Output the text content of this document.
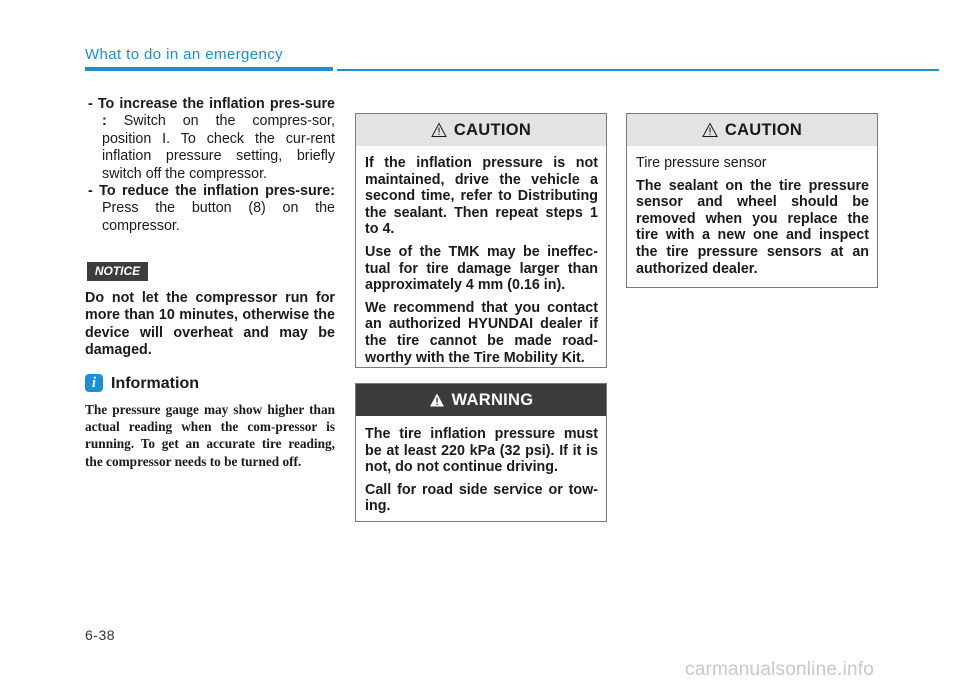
What to do in an emergency

- To increase the inflation pres-sure : Switch on the compres-sor, position I. To check the cur-rent inflation pressure setting, briefly switch off the compressor.

- To reduce the inflation pres-sure: Press the button (8) on the compressor.

NOTICE

Do not let the compressor run for more than 10 minutes, otherwise the device will overheat and may be damaged.

i Information

The pressure gauge may show higher than actual reading when the com-pressor is running. To get an accurate tire reading, the compressor needs to be turned off.

CAUTION

If the inflation pressure is not maintained, drive the vehicle a second time, refer to Distributing the sealant. Then repeat steps 1 to 4.

Use of the TMK may be ineffec-tual for tire damage larger than approximately 4 mm (0.16 in).

We recommend that you contact an authorized HYUNDAI dealer if the tire cannot be made road-worthy with the Tire Mobility Kit.

WARNING

The tire inflation pressure must be at least 220 kPa (32 psi). If it is not, do not continue driving.

Call for road side service or tow-ing.

CAUTION

Tire pressure sensor

The sealant on the tire pressure sensor and wheel should be removed when you replace the tire with a new one and inspect the tire pressure sensors at an authorized dealer.

6-38
carmanualsonline.info
